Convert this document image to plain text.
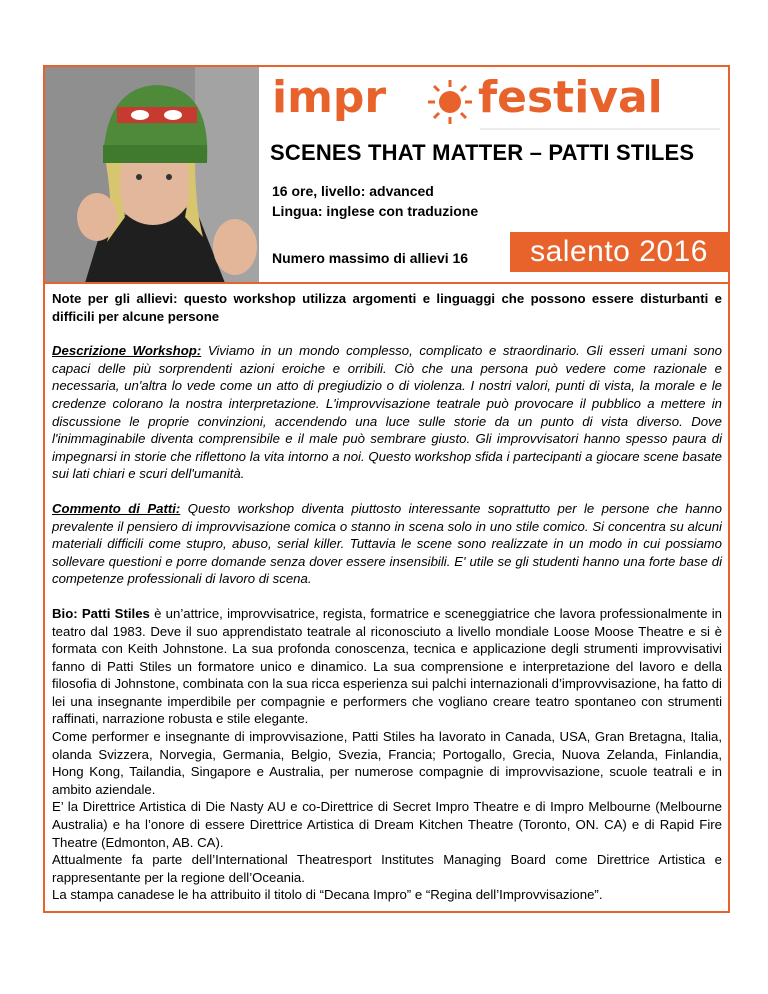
impr festival
SCENES THAT MATTER – PATTI STILES
16 ore, livello: advanced
Lingua: inglese con traduzione
Numero massimo di allievi 16	salento 2016

Note per gli allievi: questo workshop utilizza argomenti e linguaggi che possono essere disturbanti e difficili per alcune persone

Descrizione Workshop: Viviamo in un mondo complesso, complicato e straordinario. Gli esseri umani sono capaci delle più sorprendenti azioni eroiche e orribili. Ciò che una persona può vedere come razionale e necessaria, un'altra lo vede come un atto di pregiudizio o di violenza. I nostri valori, punti di vista, la morale e le credenze colorano la nostra interpretazione. L'improvvisazione teatrale può provocare il pubblico a mettere in discussione le proprie convinzioni, accendendo una luce sulle storie da un punto di vista diverso. Dove l'inimmaginabile diventa comprensibile e il male può sembrare giusto. Gli improvvisatori hanno spesso paura di impegnarsi in storie che riflettono la vita intorno a noi. Questo workshop sfida i partecipanti a giocare scene basate sui lati chiari e scuri dell'umanità.

Commento di Patti: Questo workshop diventa piuttosto interessante soprattutto per le persone che hanno prevalente il pensiero di improvvisazione comica o stanno in scena solo in uno stile comico. Si concentra su alcuni materiali difficili come stupro, abuso, serial killer. Tuttavia le scene sono realizzate in un modo in cui possiamo sollevare questioni e porre domande senza dover essere insensibili. E' utile se gli studenti hanno una forte base di competenze professionali di lavoro di scena.

Bio: Patti Stiles è un’attrice, improvvisatrice, regista, formatrice e sceneggiatrice che lavora professionalmente in teatro dal 1983. Deve il suo apprendistato teatrale al riconosciuto a livello mondiale Loose Moose Theatre e si è formata con Keith Johnstone. La sua profonda conoscenza, tecnica e applicazione degli strumenti improvvisativi fanno di Patti Stiles un formatore unico e dinamico. La sua comprensione e interpretazione del lavoro e della filosofia di Johnstone, combinata con la sua ricca esperienza sui palchi internazionali d’improvvisazione, ha fatto di lei una insegnante imperdibile per compagnie e performers che vogliano creare teatro spontaneo con strumenti raffinati, narrazione robusta e stile elegante.

Come performer e insegnante di improvvisazione, Patti Stiles ha lavorato in Canada, USA, Gran Bretagna, Italia, olanda Svizzera, Norvegia, Germania, Belgio, Svezia, Francia; Portogallo, Grecia, Nuova Zelanda, Finlandia, Hong Kong, Tailandia, Singapore e Australia, per numerose compagnie di improvvisazione, scuole teatrali e in ambito aziendale.

E’ la Direttrice Artistica di Die Nasty AU e co-Direttrice di Secret Impro Theatre e di Impro Melbourne (Melbourne Australia) e ha l’onore di essere Direttrice Artistica di Dream Kitchen Theatre (Toronto, ON. CA) e di Rapid Fire Theatre (Edmonton, AB. CA).

Attualmente fa parte dell’International Theatresport Institutes Managing Board come Direttrice Artistica e rappresentante per la regione dell’Oceania.

La stampa canadese le ha attribuito il titolo di “Decana Impro” e “Regina dell’Improvvisazione”.
